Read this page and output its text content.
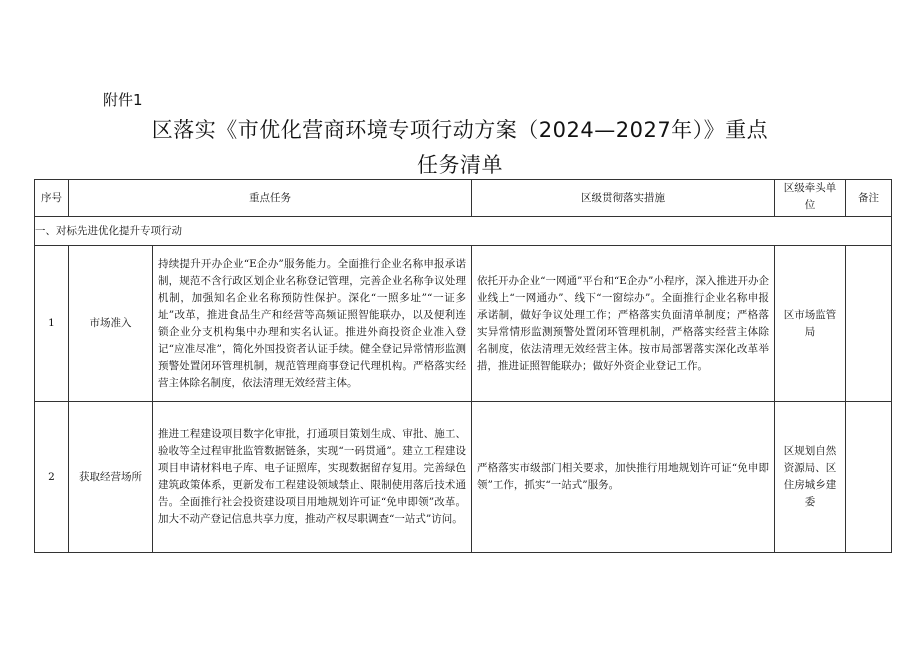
附件1
区落实《市优化营商环境专项行动方案（2024—2027年）》重点
任务清单
序号	重点任务		区级贯彻落实措施	区级牵头单位	备注
一、对标先进优化提升专项行动					
1	市场准入	持续提升开办企业“E企办”服务能力。全面推行企业名称申报承诺制，规范不含行政区划企业名称登记管理，完善企业名称争议处理机制，加强知名企业名称预防性保护。深化“一照多址”“一证多址”改革，推进食品生产和经营等高频证照智能联办，以及便利连锁企业分支机构集中办理和实名认证。推进外商投资企业准入登记“应准尽准”，简化外国投资者认证手续。健全登记异常情形监测预警处置闭环管理机制，规范管理商事登记代理机构。严格落实经营主体除名制度，依法清理无效经营主体。	依托开办企业“一网通”平台和“E企办”小程序，深入推进开办企业线上“一网通办”、线下“一窗综办”。全面推行企业名称申报承诺制，做好争议处理工作；严格落实负面清单制度；严格落实异常情形监测预警处置闭环管理机制，严格落实经营主体除名制度，依法清理无效经营主体。按市局部署落实深化改革举措，推进证照智能联办；做好外资企业登记工作。	区市场监管局	
2	获取经营场所	推进工程建设项目数字化审批，打通项目策划生成、审批、施工、验收等全过程审批监管数据链条，实现“一码贯通”。建立工程建设项目申请材料电子库、电子证照库，实现数据留存复用。完善绿色建筑政策体系，更新发布工程建设领域禁止、限制使用落后技术通告。全面推行社会投资建设项目用地规划许可证“免申即领”改革。加大不动产登记信息共享力度，推动产权尽职调查“一站式”访问。	严格落实市级部门相关要求，加快推行用地规划许可证“免申即领”工作，抓实“一站式”服务。	区规划自然资源局、区住房城乡建委	
